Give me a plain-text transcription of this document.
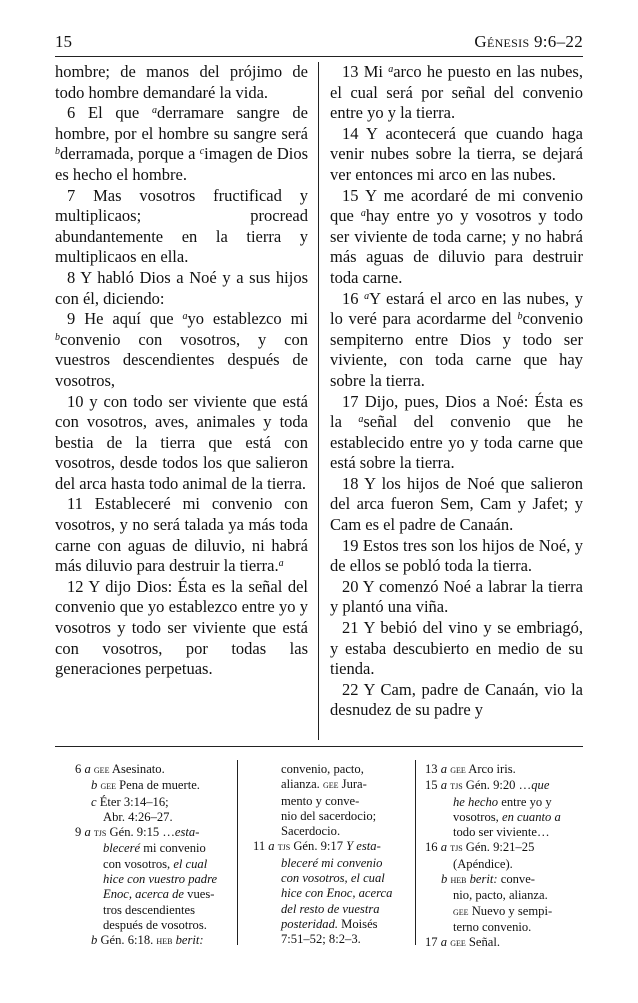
15	Génesis 9:6–22

hombre; de manos del prójimo de todo hombre demandaré la vida.

6 El que $^a$derramare sangre de hombre, por el hombre su sangre será $^b$derramada, porque a $^c$imagen de Dios es hecho el hombre.

7 Mas vosotros fructificad y multiplicaos; procread abundantemente en la tierra y multiplicaos en ella.

8 Y habló Dios a Noé y a sus hijos con él, diciendo:

9 He aquí que $^a$yo establezco mi $^b$convenio con vosotros, y con vuestros descendientes después de vosotros,

10 y con todo ser viviente que está con vosotros, aves, animales y toda bestia de la tierra que está con vosotros, desde todos los que salieron del arca hasta todo animal de la tierra.

11 Estableceré mi convenio con vosotros, y no será talada ya más toda carne con aguas de diluvio, ni habrá más diluvio para destruir la tierra.$^a$

12 Y dijo Dios: Ésta es la señal del convenio que yo establezco entre yo y vosotros y todo ser viviente que está con vosotros, por todas las generaciones perpetuas.

13 Mi $^a$arco he puesto en las nubes, el cual será por señal del convenio entre yo y la tierra.

14 Y acontecerá que cuando haga venir nubes sobre la tierra, se dejará ver entonces mi arco en las nubes.

15 Y me acordaré de mi convenio que $^a$hay entre yo y vosotros y todo ser viviente de toda carne; y no habrá más aguas de diluvio para destruir toda carne.

16 $^a$Y estará el arco en las nubes, y lo veré para acordarme del $^b$convenio sempiterno entre Dios y todo ser viviente, con toda carne que hay sobre la tierra.

17 Dijo, pues, Dios a Noé: Ésta es la $^a$señal del convenio que he establecido entre yo y toda carne que está sobre la tierra.

18 Y los hijos de Noé que salieron del arca fueron Sem, Cam y Jafet; y Cam es el padre de Canaán.

19 Estos tres son los hijos de Noé, y de ellos se pobló toda la tierra.

20 Y comenzó Noé a labrar la tierra y plantó una viña.

21 Y bebió del vino y se embriagó, y estaba descubierto en medio de su tienda.

22 Y Cam, padre de Canaán, vio la desnudez de su padre y

6 a gee Asesinato.
b gee Pena de muerte.
c Éter 3:14–16;
Abr. 4:26–27.
9 a tjs Gén. 9:15 …esta-
bleceré mi convenio
con vosotros, el cual
hice con vuestro padre
Enoc, acerca de vues-
tros descendientes
después de vosotros.
b Gén. 6:18. heb berit:
convenio, pacto,
alianza. gee Jura-
mento y conve-
nio del sacerdocio;
Sacerdocio.
11 a tjs Gén. 9:17 Y esta-
bleceré mi convenio
con vosotros, el cual
hice con Enoc, acerca
del resto de vuestra
posteridad. Moisés
7:51–52; 8:2–3.
13 a gee Arco iris.
15 a tjs Gén. 9:20 …que
he hecho entre yo y
vosotros, en cuanto a
todo ser viviente…
16 a tjs Gén. 9:21–25
(Apéndice).
b heb berit: conve-
nio, pacto, alianza.
gee Nuevo y sempi-
terno convenio.
17 a gee Señal.
